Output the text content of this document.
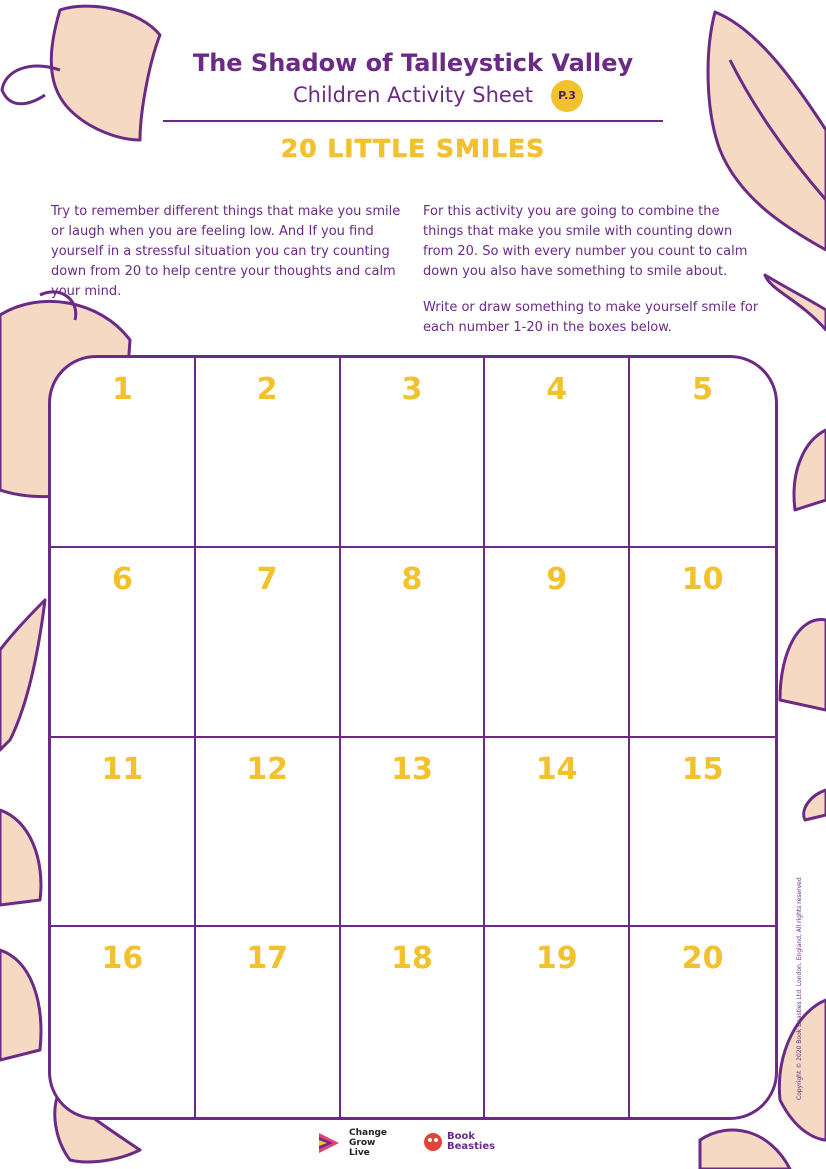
The Shadow of Talleystick Valley
Children Activity Sheet	P.3
20 LITTLE SMILES
Try to remember different things that make you smile or laugh when you are feeling low. And If you find yourself in a stressful situation you can try counting down from 20 to help centre your thoughts and calm your mind.

For this activity you are going to combine the things that make you smile with counting down from 20. So with every number you count to calm down you also have something to smile about.

Write or draw something to make yourself smile for each number 1-20 in the boxes below.

1	2	3	4	5
6	7	8	9	10
11	12	13	14	15
16	17	18	19	20	Copyright © 2020 Book Beasties Ltd. London, England, All rights reserved
Change
Grow
Live
Book
Beasties
